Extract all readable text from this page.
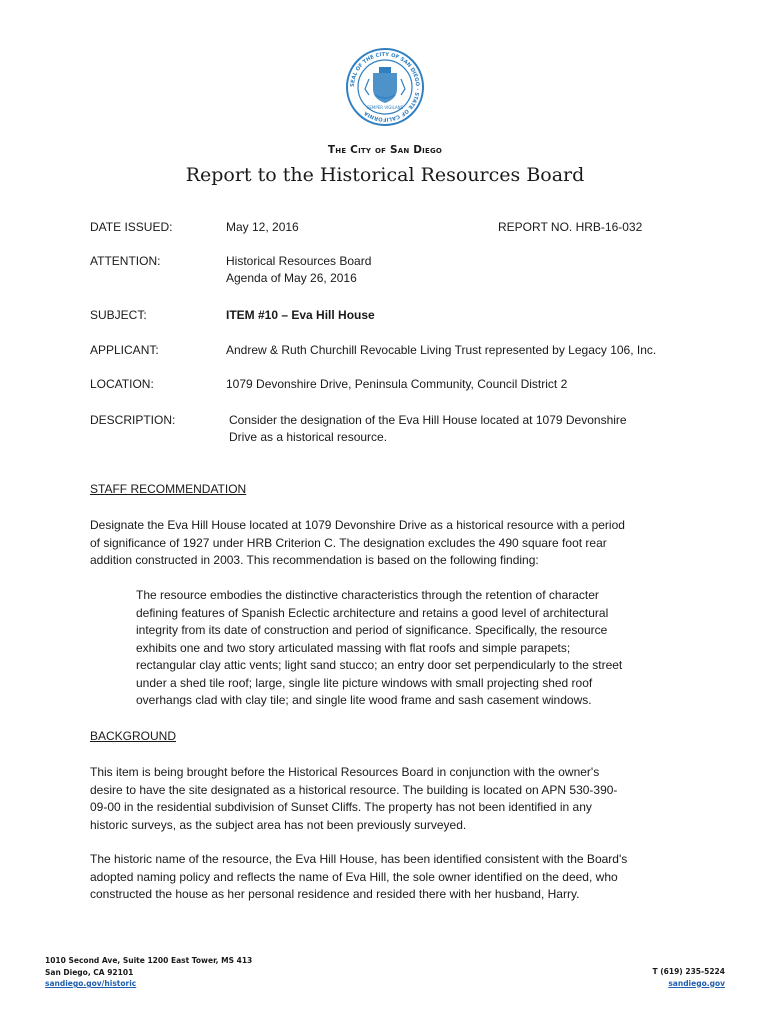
SEAL OF THE CITY OF SAN DIEGO · STATE OF CALIFORNIA
SEMPER VIGILANS
The City of San Diego
Report to the Historical Resources Board
DATE ISSUED:	May 12, 2016	REPORT NO. HRB-16-032
ATTENTION:	Historical Resources Board
Agenda of May 26, 2016
SUBJECT:	ITEM #10 – Eva Hill House
APPLICANT:	Andrew & Ruth Churchill Revocable Living Trust represented by Legacy 106, Inc.
LOCATION:	1079 Devonshire Drive, Peninsula Community, Council District 2
DESCRIPTION:	Consider the designation of the Eva Hill House located at 1079 Devonshire
Drive as a historical resource.
STAFF RECOMMENDATION
Designate the Eva Hill House located at 1079 Devonshire Drive as a historical resource with a period
of significance of 1927 under HRB Criterion C. The designation excludes the 490 square foot rear
addition constructed in 2003. This recommendation is based on the following finding:
The resource embodies the distinctive characteristics through the retention of character
defining features of Spanish Eclectic architecture and retains a good level of architectural
integrity from its date of construction and period of significance. Specifically, the resource
exhibits one and two story articulated massing with flat roofs and simple parapets;
rectangular clay attic vents; light sand stucco; an entry door set perpendicularly to the street
under a shed tile roof; large, single lite picture windows with small projecting shed roof
overhangs clad with clay tile; and single lite wood frame and sash casement windows.
BACKGROUND
This item is being brought before the Historical Resources Board in conjunction with the owner's
desire to have the site designated as a historical resource. The building is located on APN 530-390-
09-00 in the residential subdivision of Sunset Cliffs. The property has not been identified in any
historic surveys, as the subject area has not been previously surveyed.
The historic name of the resource, the Eva Hill House, has been identified consistent with the Board's
adopted naming policy and reflects the name of Eva Hill, the sole owner identified on the deed, who
constructed the house as her personal residence and resided there with her husband, Harry.
1010 Second Ave, Suite 1200 East Tower, MS 413
San Diego, CA 92101
sandiego.gov/historic
T (619) 235-5224
sandiego.gov
